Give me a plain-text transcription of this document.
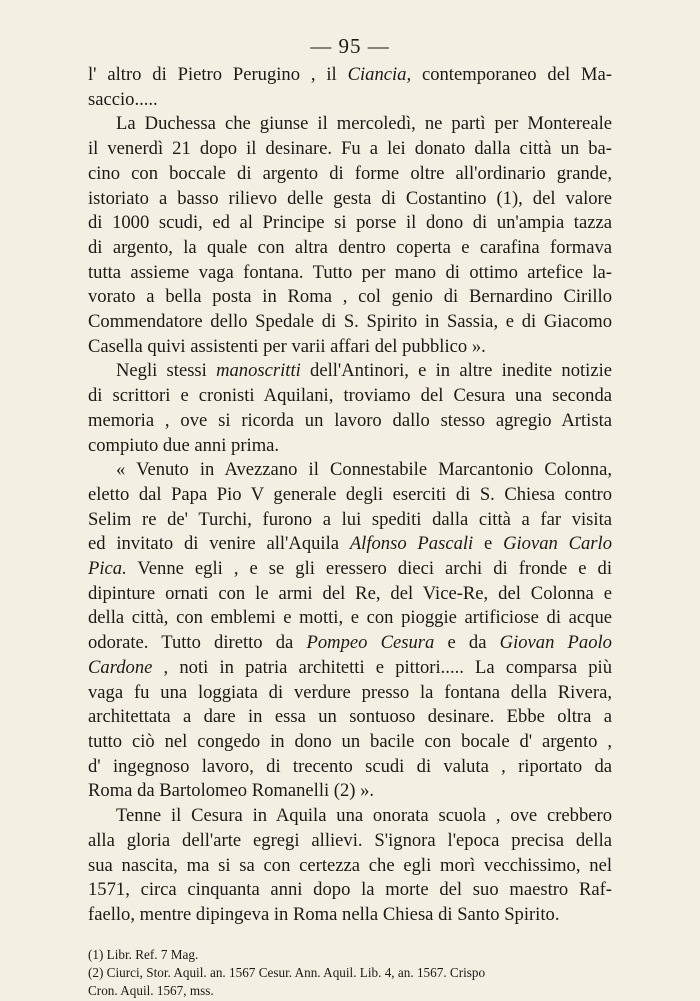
— 95 —

l' altro di Pietro Perugino , il Ciancia, contemporaneo del Ma-
saccio.....

La Duchessa che giunse il mercoledì, ne partì per Montereale
il venerdì 21 dopo il desinare. Fu a lei donato dalla città un ba-
cino con boccale di argento di forme oltre all'ordinario grande,
istoriato a basso rilievo delle gesta di Costantino (1), del valore
di 1000 scudi, ed al Principe si porse il dono di un'ampia tazza
di argento, la quale con altra dentro coperta e carafina formava
tutta assieme vaga fontana. Tutto per mano di ottimo artefice la-
vorato a bella posta in Roma , col genio di Bernardino Cirillo
Commendatore dello Spedale di S. Spirito in Sassia, e di Giacomo
Casella quivi assistenti per varii affari del pubblico ».

Negli stessi manoscritti dell'Antinori, e in altre inedite notizie
di scrittori e cronisti Aquilani, troviamo del Cesura una seconda
memoria , ove si ricorda un lavoro dallo stesso agregio Artista
compiuto due anni prima.

« Venuto in Avezzano il Connestabile Marcantonio Colonna,
eletto dal Papa Pio V generale degli eserciti di S. Chiesa contro
Selim re de' Turchi, furono a lui spediti dalla città a far visita
ed invitato di venire all'Aquila Alfonso Pascali e Giovan Carlo
Pica. Venne egli , e se gli eressero dieci archi di fronde e di
dipinture ornati con le armi del Re, del Vice-Re, del Colonna e
della città, con emblemi e motti, e con pioggie artificiose di acque
odorate. Tutto diretto da Pompeo Cesura e da Giovan Paolo
Cardone , noti in patria architetti e pittori..... La comparsa più
vaga fu una loggiata di verdure presso la fontana della Rivera,
architettata a dare in essa un sontuoso desinare. Ebbe oltra a
tutto ciò nel congedo in dono un bacile con bocale d' argento ,
d' ingegnoso lavoro, di trecento scudi di valuta , riportato da
Roma da Bartolomeo Romanelli (2) ».

Tenne il Cesura in Aquila una onorata scuola , ove crebbero
alla gloria dell'arte egregi allievi. S'ignora l'epoca precisa della
sua nascita, ma si sa con certezza che egli morì vecchissimo, nel
1571, circa cinquanta anni dopo la morte del suo maestro Raf-
faello, mentre dipingeva in Roma nella Chiesa di Santo Spirito.

(1) Libr. Ref. 7 Mag.
(2) Ciurci, Stor. Aquil. an. 1567 Cesur. Ann. Aquil. Lib. 4, an. 1567. Crispo
Cron. Aquil. 1567, mss.
